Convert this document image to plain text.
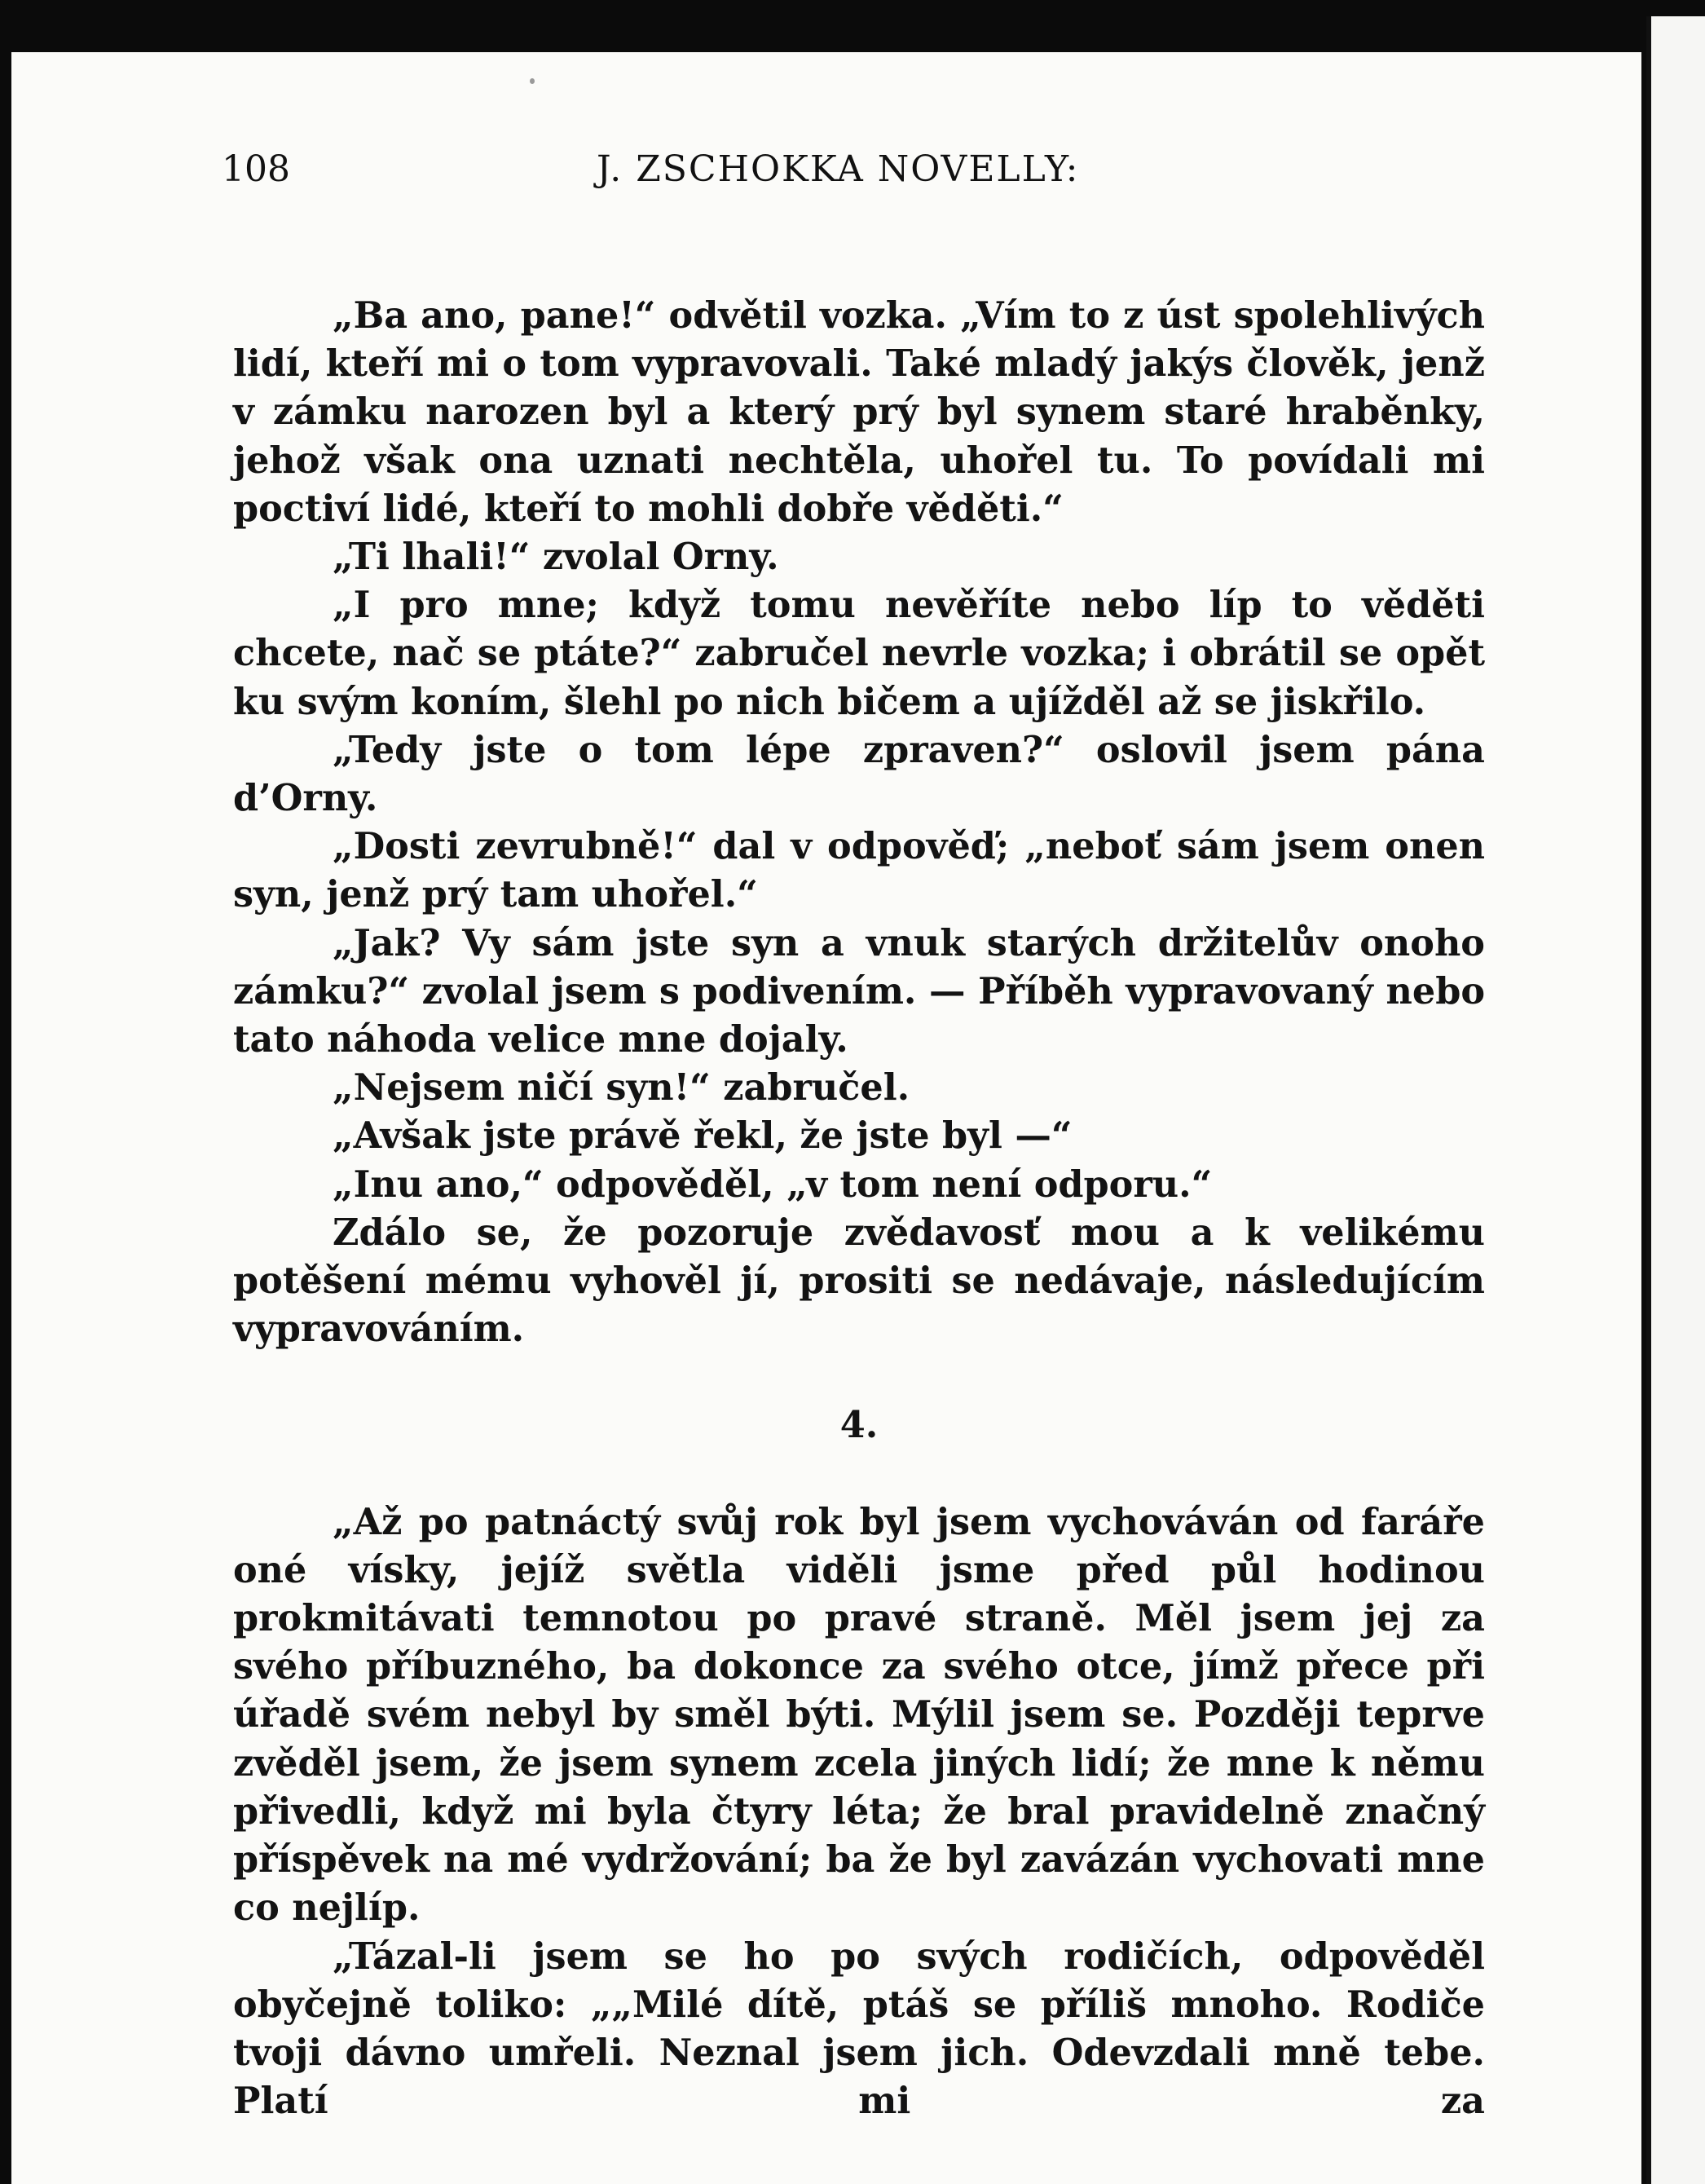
108	J. ZSCHOKKA NOVELLY:

„Ba ano, pane!“ odvětil vozka. „Vím to z úst spolehlivých lidí, kteří mi o tom vypravovali. Také mladý jakýs člověk, jenž v zámku narozen byl a který prý byl synem staré hraběnky, jehož však ona uznati nechtěla, uhořel tu. To povídali mi poctiví lidé, kteří to mohli dobře věděti.“

„Ti lhali!“ zvolal Orny.

„I pro mne; když tomu nevěříte nebo líp to věděti chcete, nač se ptáte?“ zabručel nevrle vozka; i obrátil se opět ku svým koním, šlehl po nich bičem a ujížděl až se jiskřilo.

„Tedy jste o tom lépe zpraven?“ oslovil jsem pána d’Orny.

„Dosti zevrubně!“ dal v odpověď; „neboť sám jsem onen syn, jenž prý tam uhořel.“

„Jak? Vy sám jste syn a vnuk starých držitelův onoho zámku?“ zvolal jsem s podivením. — Příběh vypravovaný nebo tato náhoda velice mne dojaly.

„Nejsem ničí syn!“ zabručel.

„Avšak jste právě řekl, že jste byl —“

„Inu ano,“ odpověděl, „v tom není odporu.“

Zdálo se, že pozoruje zvědavosť mou a k velikému potěšení mému vyhověl jí, prositi se nedávaje, následujícím vypravováním.

4.

„Až po patnáctý svůj rok byl jsem vychováván od faráře oné vísky, jejíž světla viděli jsme před půl hodinou prokmitávati temnotou po pravé straně. Měl jsem jej za svého příbuzného, ba dokonce za svého otce, jímž přece při úřadě svém nebyl by směl býti. Mýlil jsem se. Později teprve zvěděl jsem, že jsem synem zcela jiných lidí; že mne k němu přivedli, když mi byla čtyry léta; že bral pravidelně značný příspěvek na mé vydržování; ba že byl zavázán vychovati mne co nejlíp.

„Tázal-li jsem se ho po svých rodičích, odpověděl obyčejně toliko: „„Milé dítě, ptáš se příliš mnoho. Rodiče tvoji dávno umřeli. Neznal jsem jich. Odevzdali mně tebe. Platí mi za
